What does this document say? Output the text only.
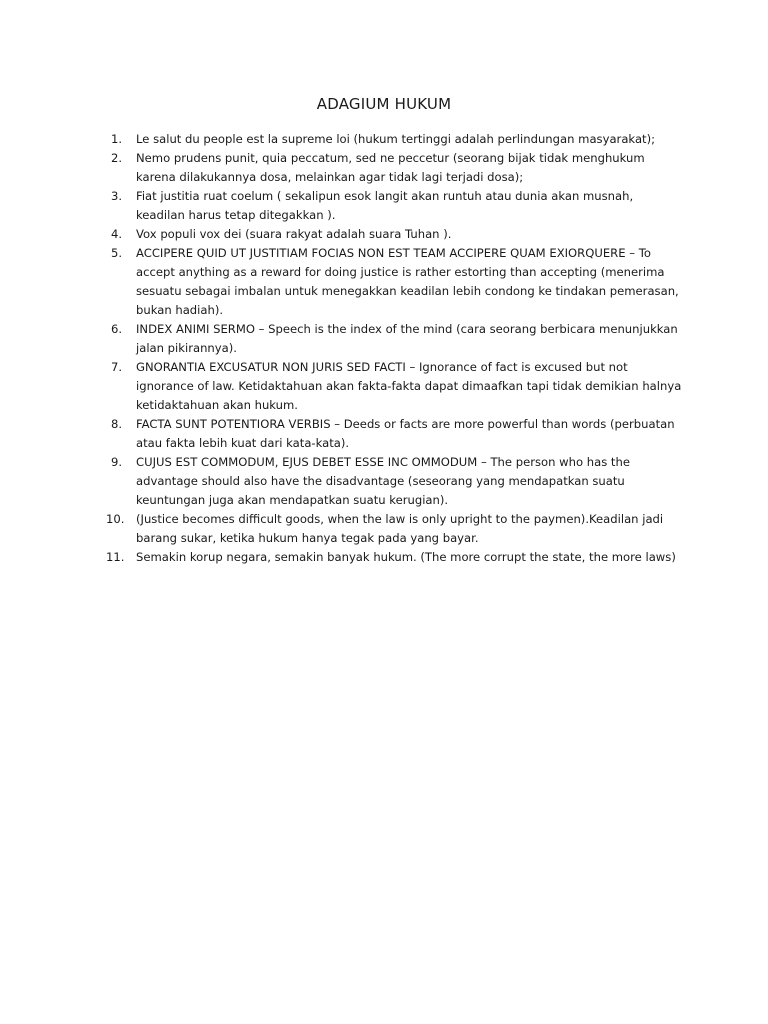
ADAGIUM HUKUM
1.	Le salut du people est la supreme loi (hukum tertinggi adalah perlindungan masyarakat);
2.	Nemo prudens punit, quia peccatum, sed ne peccetur (seorang bijak tidak menghukum karena dilakukannya dosa, melainkan agar tidak lagi terjadi dosa);
3.	Fiat justitia ruat coelum ( sekalipun esok langit akan runtuh atau dunia akan musnah, keadilan harus tetap ditegakkan ).
4.	Vox populi vox dei (suara rakyat adalah suara Tuhan ).
5.	ACCIPERE QUID UT JUSTITIAM FOCIAS NON EST TEAM ACCIPERE QUAM EXIORQUERE – To accept anything as a reward for doing justice is rather estorting than accepting (menerima sesuatu sebagai imbalan untuk menegakkan keadilan lebih condong ke tindakan pemerasan, bukan hadiah).
6.	INDEX ANIMI SERMO – Speech is the index of the mind (cara seorang berbicara menunjukkan jalan pikirannya).
7.	GNORANTIA EXCUSATUR NON JURIS SED FACTI – Ignorance of fact is excused but not ignorance of law. Ketidaktahuan akan fakta-fakta dapat dimaafkan tapi tidak demikian halnya ketidaktahuan akan hukum.
8.	FACTA SUNT POTENTIORA VERBIS – Deeds or facts are more powerful than words (perbuatan atau fakta lebih kuat dari kata-kata).
9.	CUJUS EST COMMODUM, EJUS DEBET ESSE INC OMMODUM – The person who has the advantage should also have the disadvantage (seseorang yang mendapatkan suatu keuntungan juga akan mendapatkan suatu kerugian).
10. (Justice becomes difficult goods, when the law is only upright to the paymen).Keadilan jadi barang sukar, ketika hukum hanya tegak pada yang bayar.
11. Semakin korup negara, semakin banyak hukum. (The more corrupt the state, the more laws)
